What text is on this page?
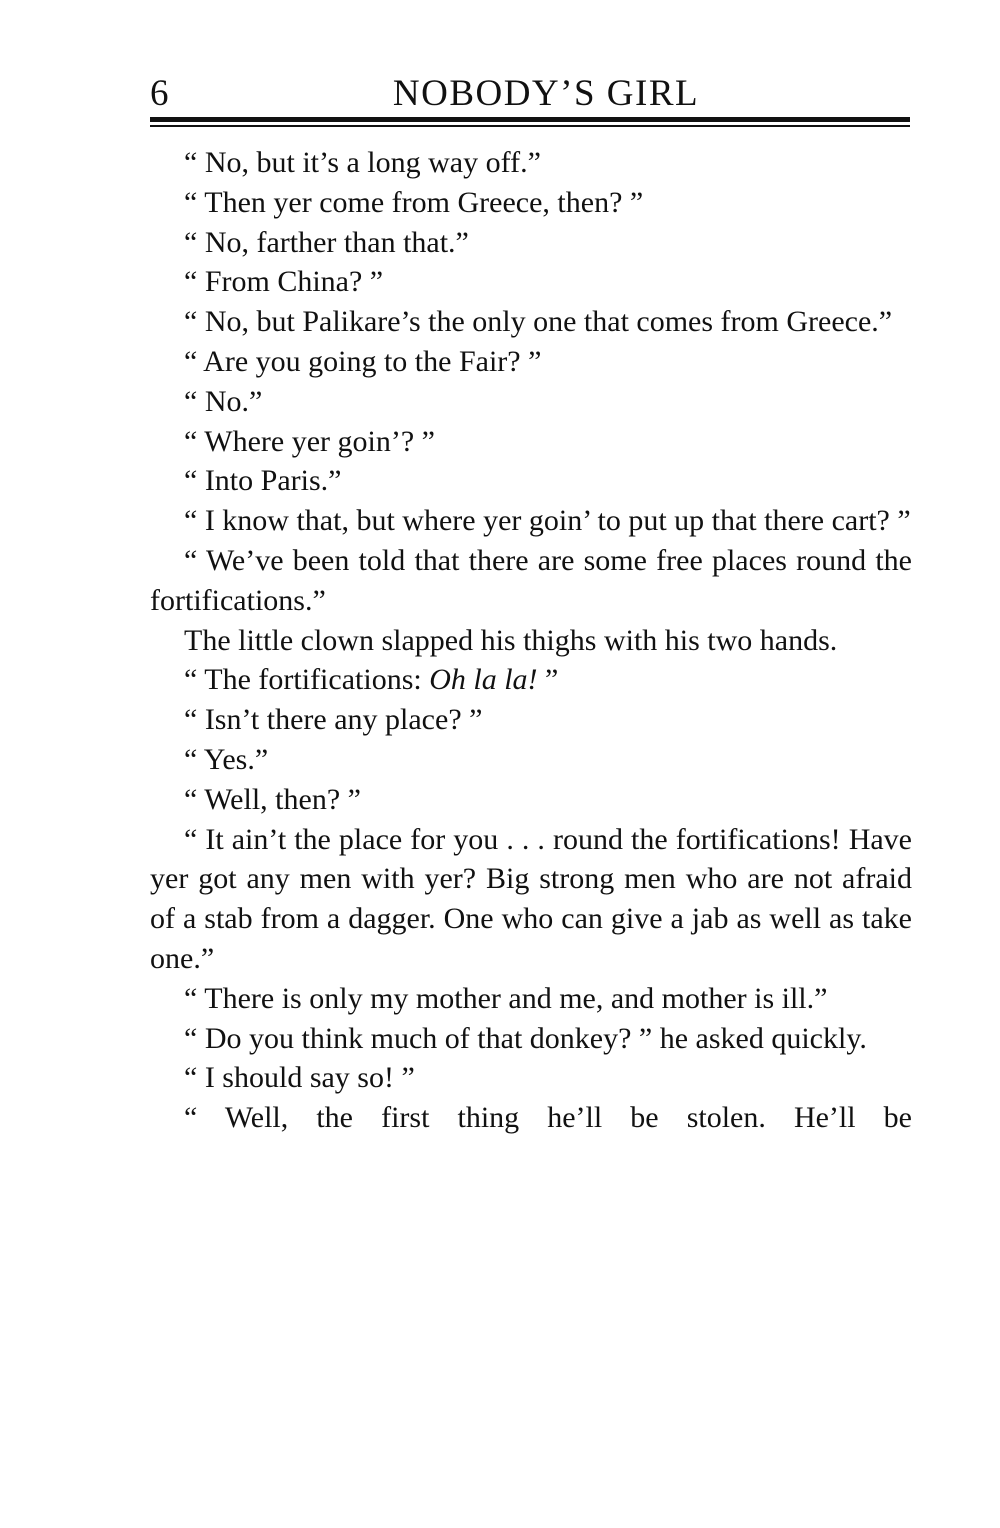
6	NOBODY’S GIRL

“ No, but it’s a long way off.”

“ Then yer come from Greece, then? ”

“ No, farther than that.”

“ From China? ”

“ No, but Palikare’s the only one that comes from Greece.”

“ Are you going to the Fair? ”

“ No.”

“ Where yer goin’? ”

“ Into Paris.”

“ I know that, but where yer goin’ to put up that there cart? ”

“ We’ve been told that there are some free places round the fortifications.”

The little clown slapped his thighs with his two hands.

“ The fortifications: Oh la la! ”

“ Isn’t there any place? ”

“ Yes.”

“ Well, then? ”

“ It ain’t the place for you . . . round the fortifications! Have yer got any men with yer? Big strong men who are not afraid of a stab from a dagger. One who can give a jab as well as take one.”

“ There is only my mother and me, and mother is ill.”

“ Do you think much of that donkey? ” he asked quickly.

“ I should say so! ”

“ Well, the first thing he’ll be stolen. He’ll be
